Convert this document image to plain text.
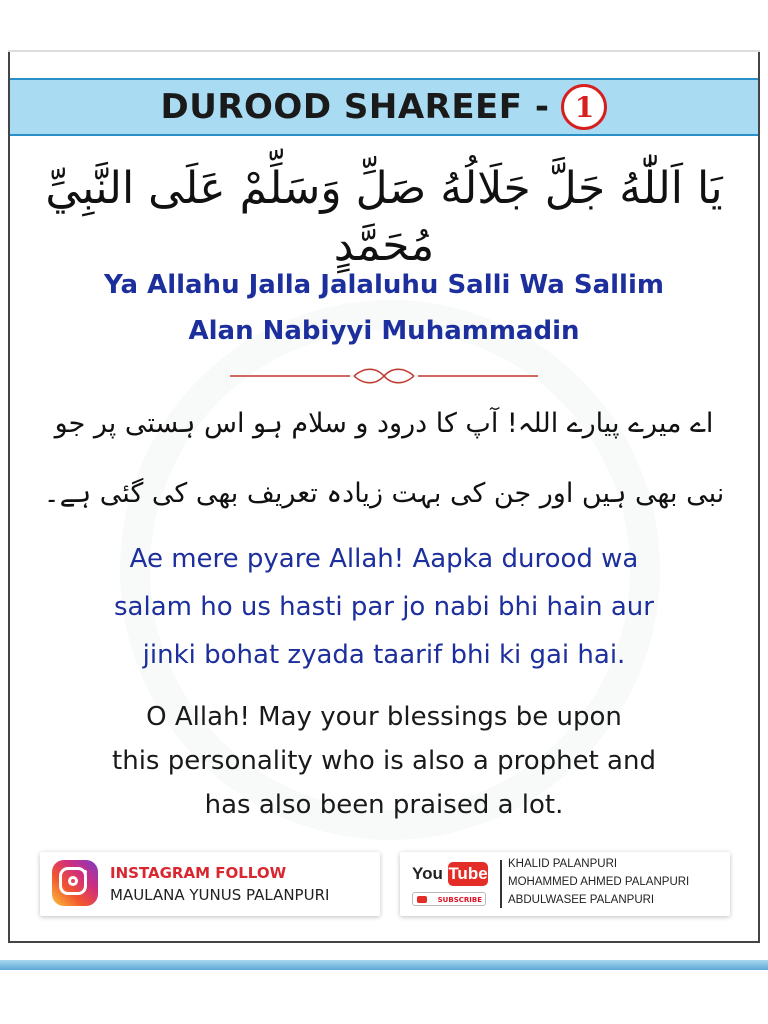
DUROOD SHAREEF - 1
يَا اَللّٰهُ جَلَّ جَلَالُهُ صَلِّ وَسَلِّمْ عَلَى النَّبِيِّ مُحَمَّدٍ
Ya Allahu Jalla Jalaluhu Salli Wa Sallim
Alan Nabiyyi Muhammadin
اے میرے پیارے اللہ! آپ کا درود و سلام ہو اس ہستی پر جو
نبی بھی ہیں اور جن کی بہت زیادہ تعریف بھی کی گئی ہے۔
Ae mere pyare Allah! Aapka durood wa
salam ho us hasti par jo nabi bhi hain aur
jinki bohat zyada taarif bhi ki gai hai.
O Allah! May your blessings be upon
this personality who is also a prophet and
has also been praised a lot.
INSTAGRAM FOLLOW
MAULANA YUNUS PALANPURI
You Tube
SUBSCRIBE
KHALID PALANPURI
MOHAMMED AHMED PALANPURI
ABDULWASEE PALANPURI
